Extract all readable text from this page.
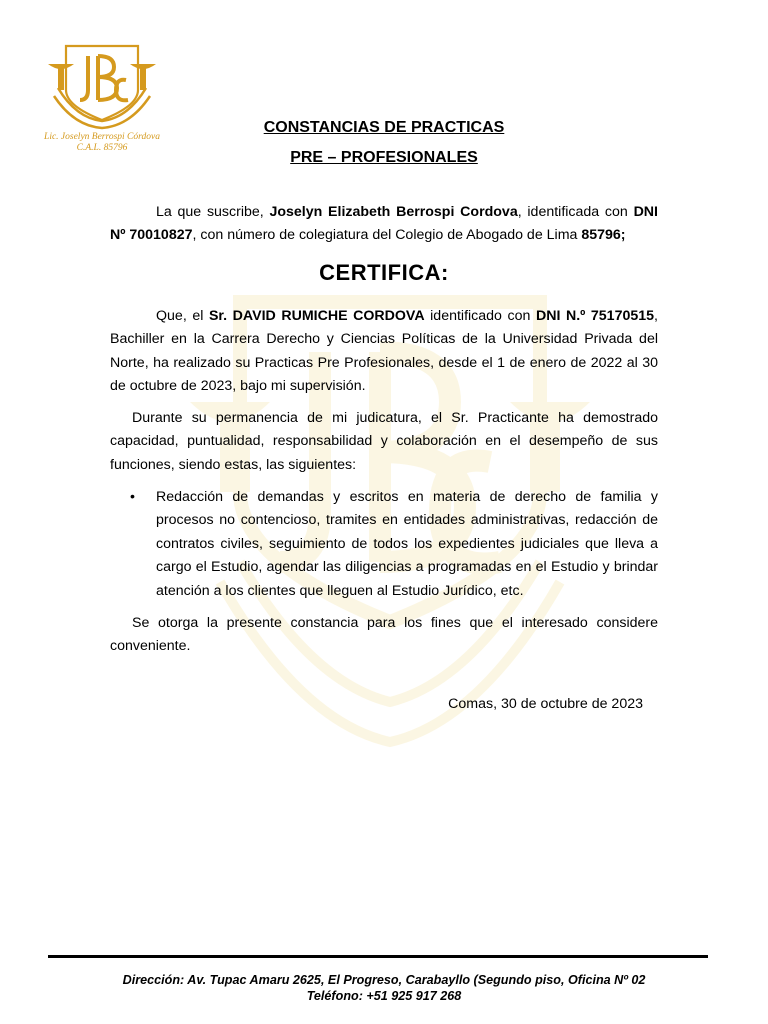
Lic. Joselyn Berrospi Córdova
C.A.L. 85796
CONSTANCIAS DE PRACTICAS
PRE – PROFESIONALES
La que suscribe, Joselyn Elizabeth Berrospi Cordova, identificada con DNI Nº 70010827, con número de colegiatura del Colegio de Abogado de Lima 85796;
CERTIFICA:
Que, el Sr. DAVID RUMICHE CORDOVA identificado con DNI N.º 75170515, Bachiller en la Carrera Derecho y Ciencias Políticas de la Universidad Privada del Norte, ha realizado su Practicas Pre Profesionales, desde el 1 de enero de 2022 al 30 de octubre de 2023, bajo mi supervisión.
Durante su permanencia de mi judicatura, el Sr. Practicante ha demostrado capacidad, puntualidad, responsabilidad y colaboración en el desempeño de sus funciones, siendo estas, las siguientes:
• Redacción de demandas y escritos en materia de derecho de familia y procesos no contencioso, tramites en entidades administrativas, redacción de contratos civiles, seguimiento de todos los expedientes judiciales que lleva a cargo el Estudio, agendar las diligencias a programadas en el Estudio y brindar atención a los clientes que lleguen al Estudio Jurídico, etc.
Se otorga la presente constancia para los fines que el interesado considere conveniente.
Comas, 30 de octubre de 2023
Dirección: Av. Tupac Amaru 2625, El Progreso, Carabayllo (Segundo piso, Oficina Nº 02
Teléfono: +51 925 917 268
